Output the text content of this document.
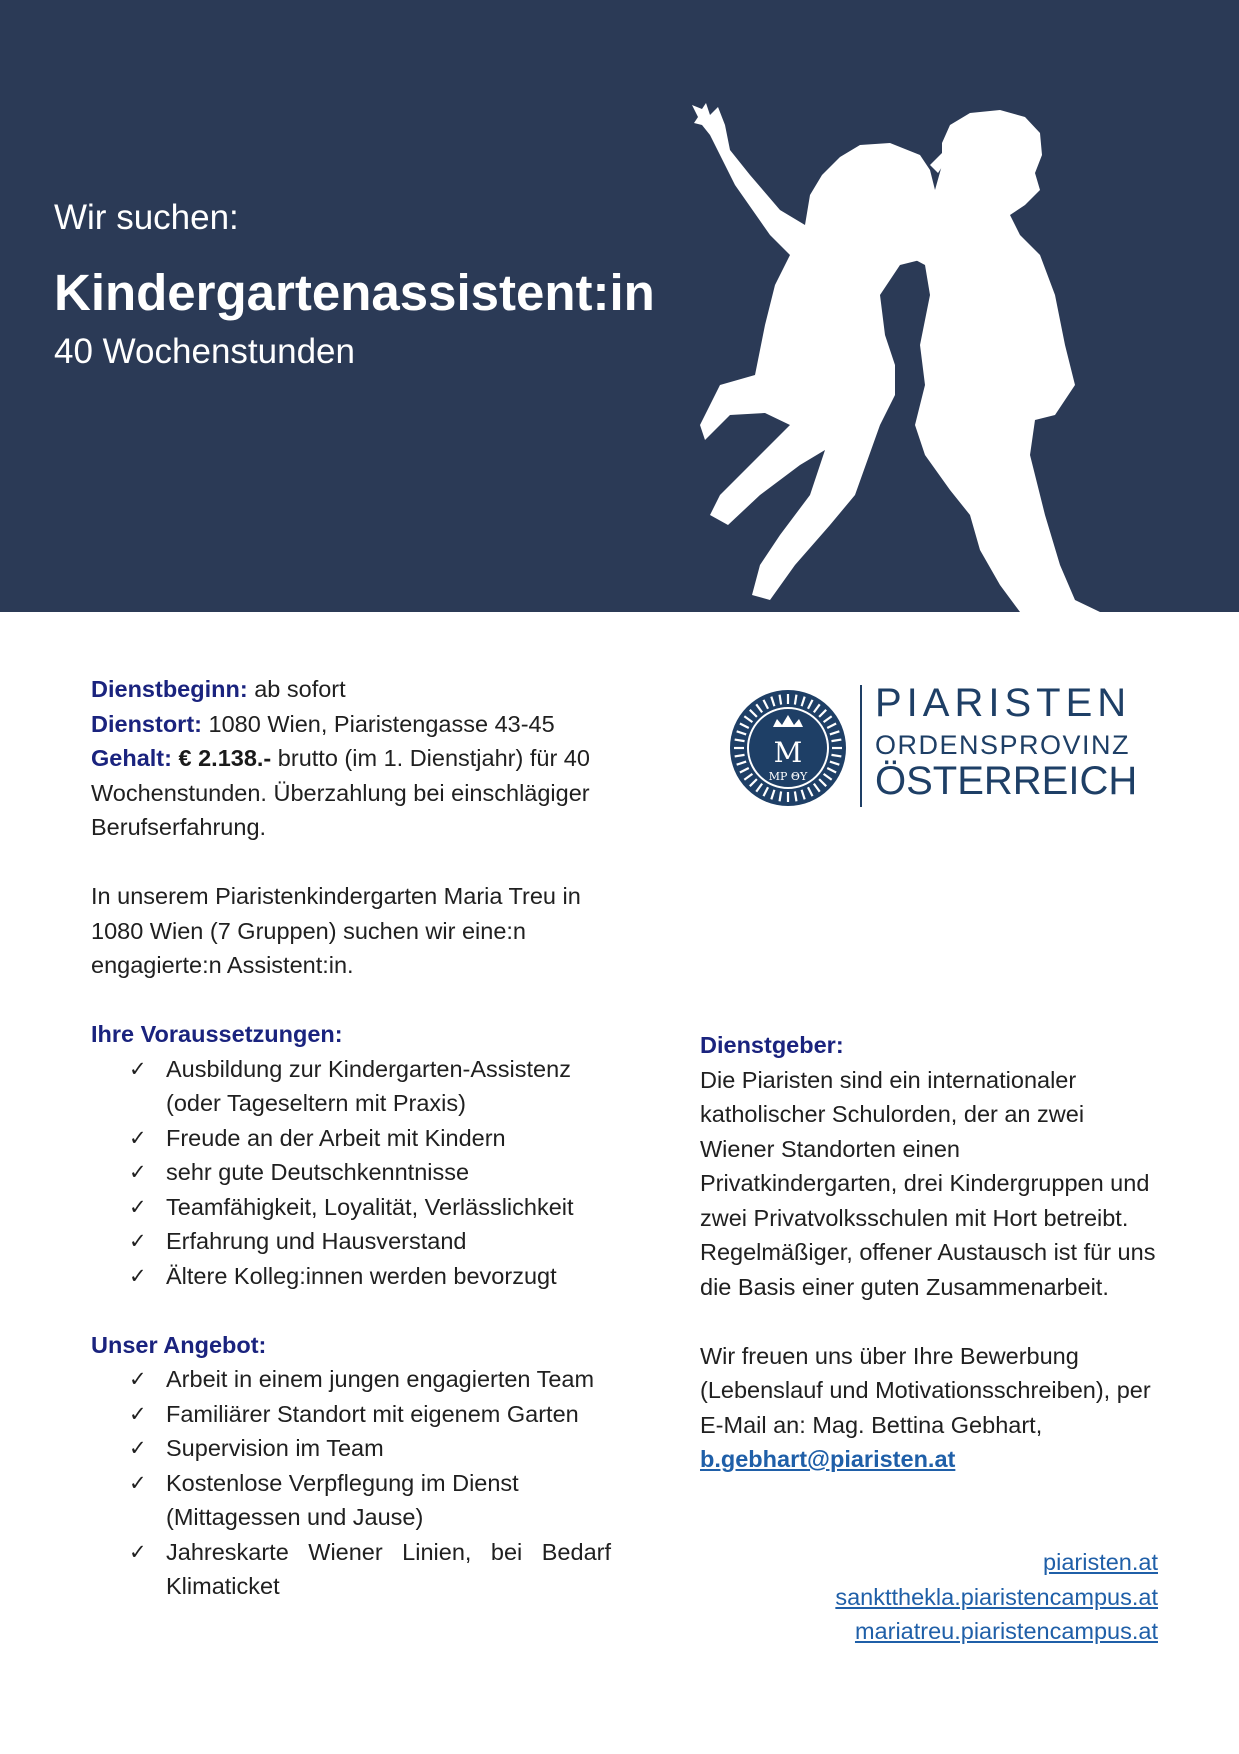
Wir suchen:
Kindergartenassistent:in
40 Wochenstunden

Dienstbeginn: ab sofort

Dienstort: 1080 Wien, Piaristengasse 43-45

Gehalt: € 2.138.- brutto (im 1. Dienstjahr) für 40 Wochenstunden. Überzahlung bei einschlägiger Berufserfahrung.

In unserem Piaristenkindergarten Maria Treu in 1080 Wien (7 Gruppen) suchen wir eine:n engagierte:n Assistent:in.

Ihre Voraussetzungen:

✓ Ausbildung zur Kindergarten-Assistenz (oder Tageseltern mit Praxis)
✓ Freude an der Arbeit mit Kindern
✓ sehr gute Deutschkenntnisse
✓ Teamfähigkeit, Loyalität, Verlässlichkeit
✓ Erfahrung und Hausverstand
✓ Ältere Kolleg:innen werden bevorzugt

Unser Angebot:

✓ Arbeit in einem jungen engagierten Team
✓ Familiärer Standort mit eigenem Garten
✓ Supervision im Team
✓ Kostenlose Verpflegung im Dienst (Mittagessen und Jause)
✓ Jahreskarte Wiener Linien, bei Bedarf Klimaticket
M
MP ΘΥ
PIARISTEN
ORDENSPROVINZ
ÖSTERREICH

Dienstgeber:

Die Piaristen sind ein internationaler katholischer Schulorden, der an zwei Wiener Standorten einen Privatkindergarten, drei Kindergruppen und zwei Privatvolksschulen mit Hort betreibt. Regelmäßiger, offener Austausch ist für uns die Basis einer guten Zusammenarbeit.

Wir freuen uns über Ihre Bewerbung (Lebenslauf und Motivationsschreiben), per E-Mail an: Mag. Bettina Gebhart,
b.gebhart@piaristen.at

piaristen.at
sanktthekla.piaristencampus.at
mariatreu.piaristencampus.at
